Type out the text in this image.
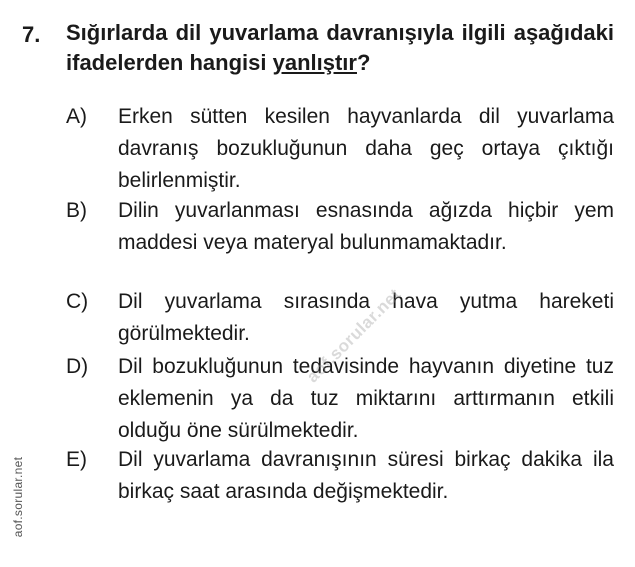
7. Sığırlarda dil yuvarlama davranışıyla ilgili aşağıdaki ifadelerden hangisi yanlıştır?
A) Erken sütten kesilen hayvanlarda dil yuvarlama davranış bozukluğunun daha geç ortaya çıktığı belirlenmiştir.

B) Dilin yuvarlanması esnasında ağızda hiçbir yem maddesi veya materyal bulunmamaktadır.

C) Dil yuvarlama sırasında hava yutma hareketi görülmektedir.

D) Dil bozukluğunun tedavisinde hayvanın diyetine tuz eklemenin ya da tuz miktarını arttırmanın etkili olduğu öne sürülmektedir.

E) Dil yuvarlama davranışının süresi birkaç dakika ila birkaç saat arasında değişmektedir.

aof.sorular.net
aof.sorular.net
